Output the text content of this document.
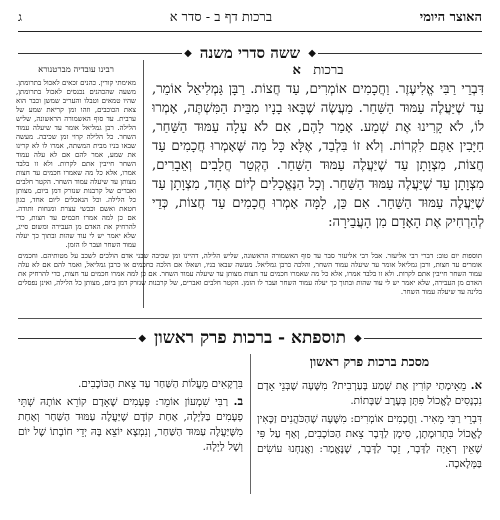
האוצר היומי
ברכות דף ב - סדר א
ג
◆
ששה סדרי משנה
◆
ברכות   א
דִּבְרֵי רַבִּי אֱלִיעֶזֶר. וַחֲכָמִים אוֹמְרִים, עַד חֲצוֹת. רַבָּן גַּמְלִיאֵל אוֹמֵר, עַד שֶׁיַּעֲלֶה עַמּוּד הַשַּׁחַר. מַעֲשֶׂה שֶׁבָּאוּ בָנָיו מִבֵּית הַמִּשְׁתֶּה, אָמְרוּ לוֹ, לֹא קָרִינוּ אֶת שְׁמַע. אָמַר לָהֶם, אִם לֹא עָלָה עַמּוּד הַשַּׁחַר, חַיָּבִין אַתֶּם לִקְרוֹת. וְלֹא זוֹ בִּלְבַד, אֶלָּא כָּל מַה שֶּׁאָמְרוּ חֲכָמִים עַד חֲצוֹת, מִצְוָתָן עַד שֶׁיַּעֲלֶה עַמּוּד הַשַּׁחַר. הֶקְטֵר חֲלָבִים וְאֵבָרִים, מִצְוָתָן עַד שֶׁיַּעֲלֶה עַמּוּד הַשַּׁחַר. וְכָל הַנֶּאֱכָלִים לְיוֹם אֶחָד, מִצְוָתָן עַד שֶׁיַּעֲלֶה עַמּוּד הַשַּׁחַר. אִם כֵּן, לָמָּה אָמְרוּ חֲכָמִים עַד חֲצוֹת, כְּדֵי לְהַרְחִיק אֶת הָאָדָם מִן הָעֲבֵירָה:
רבינו עובדיה מברטנורא
מאימתי קורין. כהנים זכאים לאכול בתרומתן. משעה שהכהנים נכנסים לאכול בתרומתן, שהיו טמאים וטבלו והעריב שמשן וכבר הוא צאת הכוכבים, וזהו זמן קריאת שמע של ערבית. עד סוף האשמורה הראשונה, שליש הלילה. רבן גמליאל אומר עד שיעלה עמוד השחר. כל הלילה קרוי זמן שכיבה. מעשה שבאו בניו מבית המשתה, אמרו לו לא קרינו את שמע, אמר להם אם לא עלה עמוד השחר חייבין אתם לקרות. ולא זו בלבד אמרו, אלא כל מה שאמרו חכמים עד חצות מצותן עד שיעלה עמוד השחר. הקטר חלבים ואברים של קרבנות שנזרק דמן ביום, מצותן כל הלילה. וכל הנאכלים ליום אחד, כגון חטאת ואשם וכבשי עצרת ומנחות ותודה. אם כן למה אמרו חכמים עד חצות, כדי להרחיק את האדם מן העבירה ומשום סייג, שלא יאמר יש לי עוד שהות ובתוך כך יעלה עמוד השחר ועבר לו הזמן.
תוספות יום טוב: דברי רבי אליעזר. אבל רבי אליעזר סבר עד סוף האשמורה הראשונה, שליש הלילה, דהיינו זמן שכיבה שבני אדם הולכים לשכב על מטותיהם. וחכמים אומרים עד חצות, ורבן גמליאל אומר עד שיעלה עמוד השחר, והלכה כרבן גמליאל. מעשה שבאו בניו, ושאלו אם הלכה כחכמים או כרבן גמליאל, ואמר להם אם לא עלה עמוד השחר חייבין אתם לקרות. ולא זו בלבד אמרו, אלא כל מה שאמרו חכמים עד חצות מצותן עד שיעלה עמוד השחר. אם כן למה אמרו חכמים עד חצות, כדי להרחיק את האדם מן העבירה, שלא יאמר יש לי עוד שהות ובתוך כך יעלה עמוד השחר ועבר לו הזמן. הקטר חלבים ואברים, של קרבנות שנזרק דמן ביום, מצותן כל הלילה, ואינן נפסלים בלינה עד שיעלה עמוד השחר.
◆
תוספתא - ברכות פרק ראשון
◆
מסכת ברכות פרק ראשון
א. מֵאֵימָתַי קוֹרִין אֶת שְׁמַע בָּעַרְבִית? מִשֶּׁעָה שֶׁבְּנֵי אָדָם נִכְנָסִים לֶאֱכוֹל פִּתָּן בְּעֶרֶב שַׁבָּתוֹת.
דִּבְרֵי רַבִּי מֵאִיר. וַחֲכָמִים אוֹמְרִים: מִשֶּׁעָה שֶׁהַכֹּהֲנִים זַכָּאִין לֶאֱכוֹל בִּתְרוּמָתָן, סִימָן לַדָּבָר צֵאת הַכּוֹכָבִים, וְאַף עַל פִּי שֶׁאֵין רְאָיָה לַדָּבָר, זֵכֶר לַדָּבָר, שֶׁנֶּאֱמַר: וַאֲנַחְנוּ עוֹשִׂים בַּמְּלָאכָה.
בִּרְקָאִים מֵעֲלוֹת הַשַּׁחַר עַד צֵאת הַכּוֹכָבִים.
ב. רַבִּי שִׁמְעוֹן אוֹמֵר: פְּעָמִים שֶׁאָדָם קוֹרֵא אוֹתָהּ שְׁתֵּי פְעָמִים בַּלַּיְלָה, אַחַת קוֹדֶם שֶׁיַּעֲלֶה עַמּוּד הַשַּׁחַר וְאַחַת מִשֶּׁיַּעֲלֶה עַמּוּד הַשַּׁחַר, וְנִמְצָא יוֹצֵא בָּהּ יְדֵי חוֹבָתוֹ שֶׁל יוֹם וְשֶׁל לַיְלָה.
